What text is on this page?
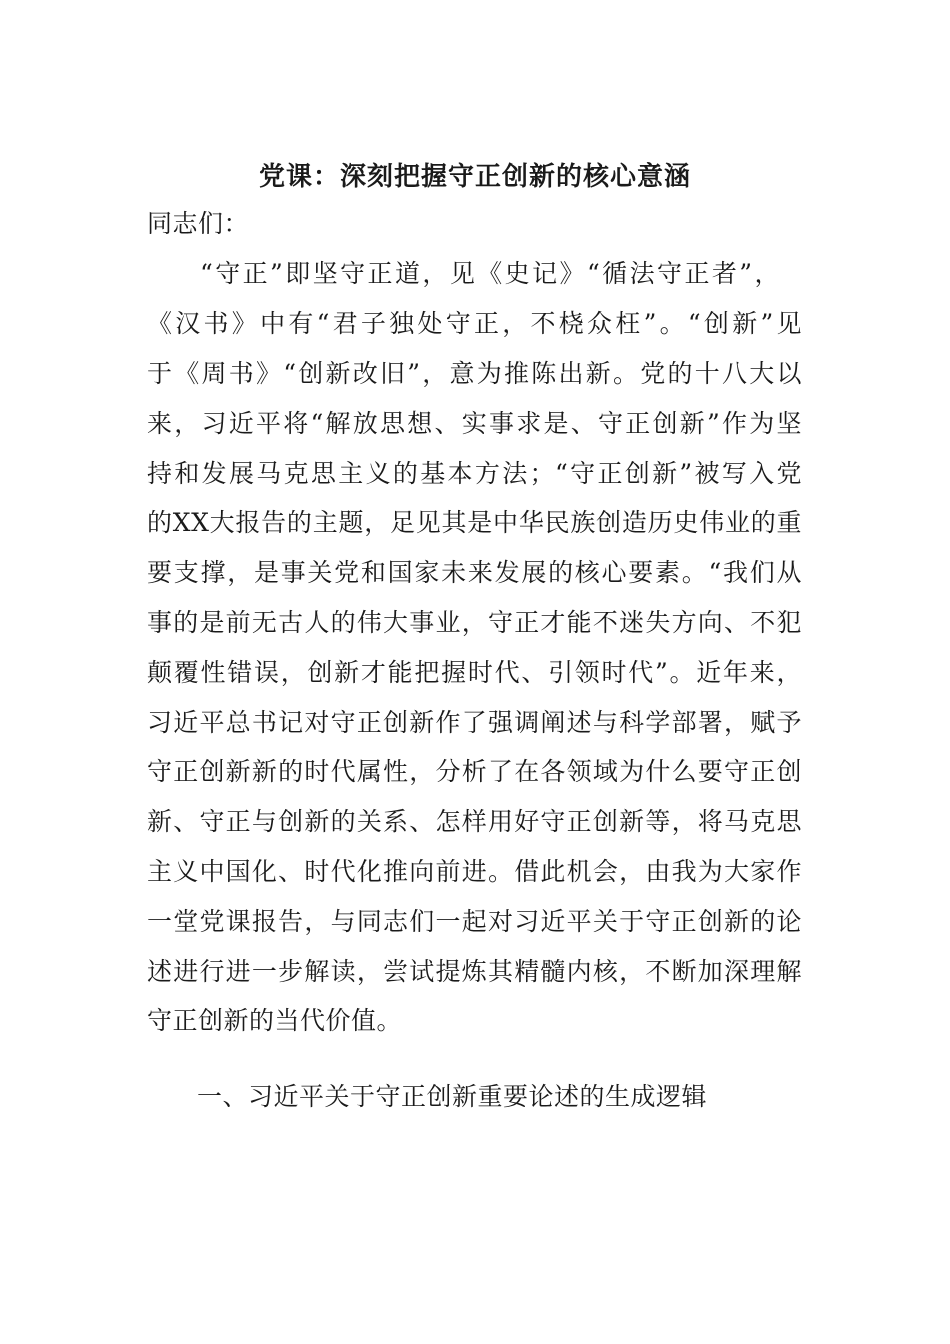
党课：深刻把握守正创新的核心意涵
同志们：
“守正”即坚守正道，见《史记》“循法守正者”，
《汉书》中有“君子独处守正，不桡众枉”。“创新”见
于《周书》“创新改旧”，意为推陈出新。党的十八大以
来，习近平将“解放思想、实事求是、守正创新”作为坚
持和发展马克思主义的基本方法；“守正创新”被写入党
的XX大报告的主题，足见其是中华民族创造历史伟业的重
要支撑，是事关党和国家未来发展的核心要素。“我们从
事的是前无古人的伟大事业，守正才能不迷失方向、不犯
颠覆性错误，创新才能把握时代、引领时代”。近年来，
习近平总书记对守正创新作了强调阐述与科学部署，赋予
守正创新新的时代属性，分析了在各领域为什么要守正创
新、守正与创新的关系、怎样用好守正创新等，将马克思
主义中国化、时代化推向前进。借此机会，由我为大家作
一堂党课报告，与同志们一起对习近平关于守正创新的论
述进行进一步解读，尝试提炼其精髓内核，不断加深理解
守正创新的当代价值。
一、习近平关于守正创新重要论述的生成逻辑
